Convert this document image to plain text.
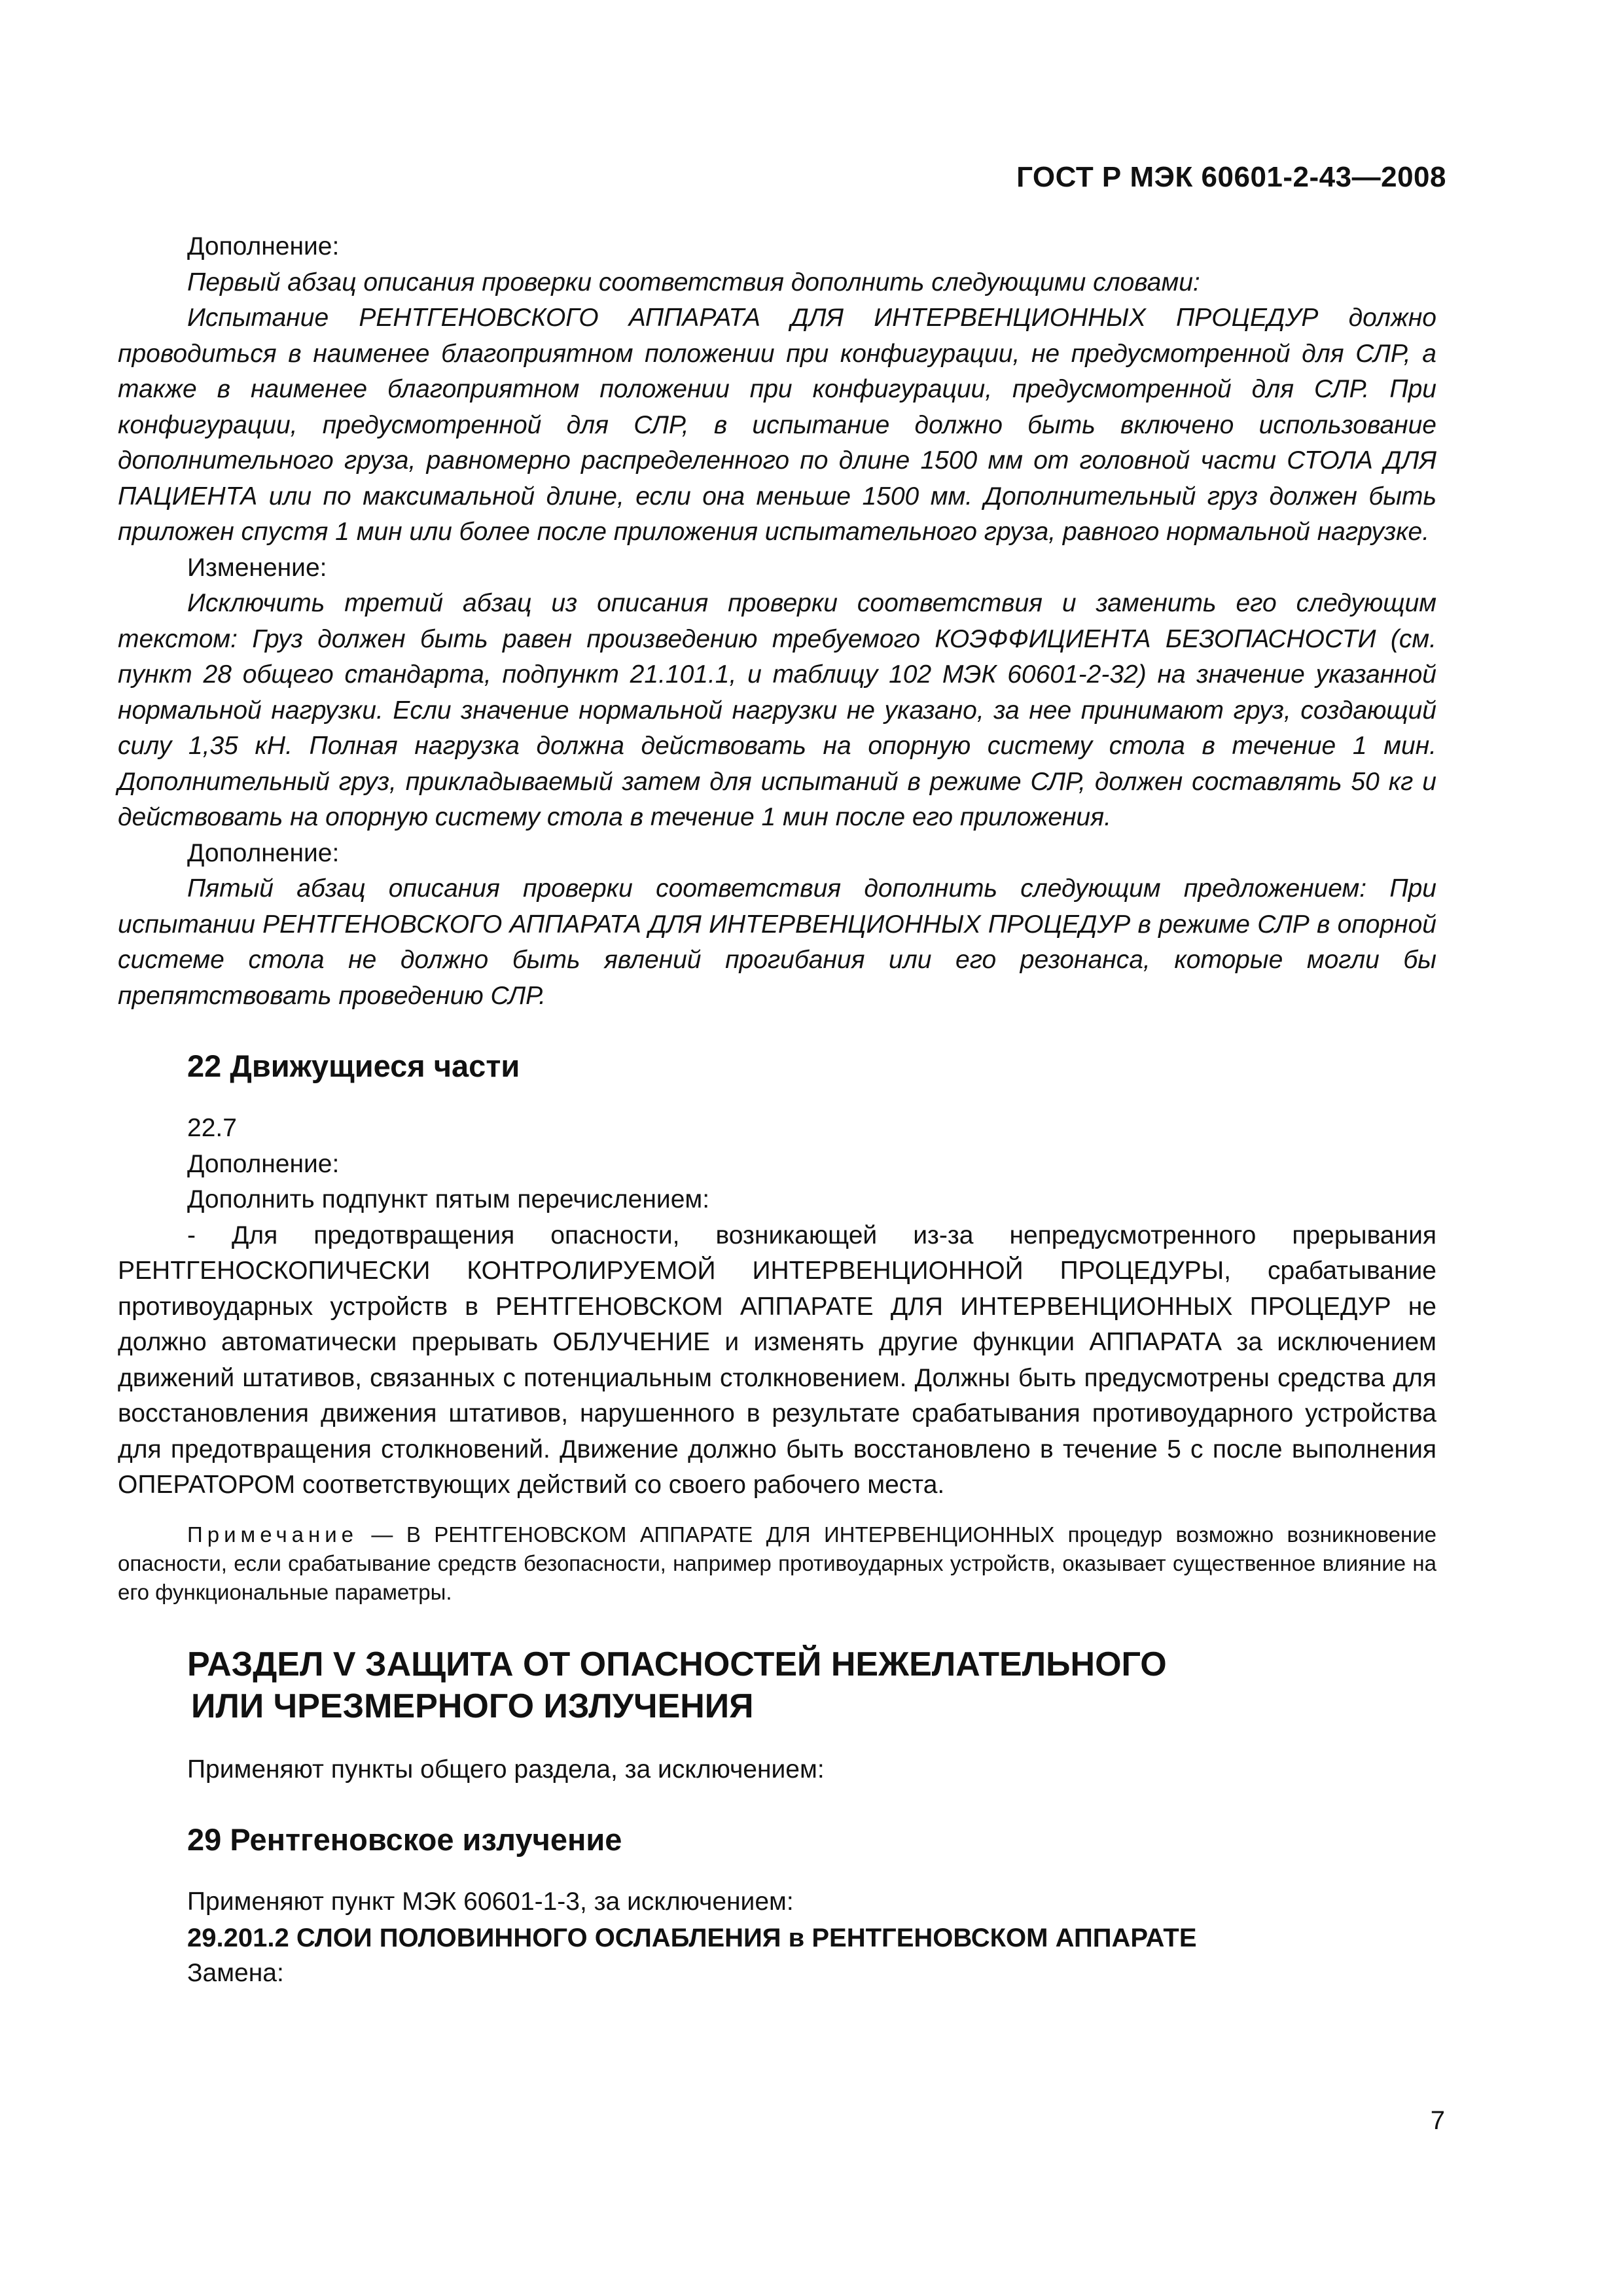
ГОСТ Р МЭК 60601-2-43—2008

Дополнение:

Первый абзац описания проверки соответствия дополнить следующими словами:

Испытание РЕНТГЕНОВСКОГО АППАРАТА ДЛЯ ИНТЕРВЕНЦИОННЫХ ПРОЦЕДУР должно проводиться в наименее благоприятном положении при конфигурации, не предусмотренной для СЛР, а также в наименее благоприятном положении при конфигурации, предусмотренной для СЛР. При конфигурации, предусмотренной для СЛР, в испытание должно быть включено использование дополнительного груза, равномерно распределенного по длине 1500 мм от головной части СТОЛА ДЛЯ ПАЦИЕНТА или по максимальной длине, если она меньше 1500 мм. Дополнительный груз должен быть приложен спустя 1 мин или более после приложения испытательного груза, равного нормальной нагрузке.

Изменение:

Исключить третий абзац из описания проверки соответствия и заменить его следующим текстом: Груз должен быть равен произведению требуемого КОЭФФИЦИЕНТА БЕЗОПАСНОСТИ (см. пункт 28 общего стандарта, подпункт 21.101.1, и таблицу 102 МЭК 60601-2-32) на значение указанной нормальной нагрузки. Если значение нормальной нагрузки не указано, за нее принимают груз, создающий силу 1,35 кН. Полная нагрузка должна действовать на опорную систему стола в течение 1 мин. Дополнительный груз, прикладываемый затем для испытаний в режиме СЛР, должен составлять 50 кг и действовать на опорную систему стола в течение 1 мин после его приложения.

Дополнение:

Пятый абзац описания проверки соответствия дополнить следующим предложением: При испытании РЕНТГЕНОВСКОГО АППАРАТА ДЛЯ ИНТЕРВЕНЦИОННЫХ ПРОЦЕДУР в режиме СЛР в опорной системе стола не должно быть явлений прогибания или его резонанса, которые могли бы препятствовать проведению СЛР.

22 Движущиеся части

22.7

Дополнение:

Дополнить подпункт пятым перечислением:

- Для предотвращения опасности, возникающей из-за непредусмотренного прерывания РЕНТГЕНОСКОПИЧЕСКИ КОНТРОЛИРУЕМОЙ ИНТЕРВЕНЦИОННОЙ ПРОЦЕДУРЫ, срабатывание противоударных устройств в РЕНТГЕНОВСКОМ АППАРАТЕ ДЛЯ ИНТЕРВЕНЦИОННЫХ ПРОЦЕДУР не должно автоматически прерывать ОБЛУЧЕНИЕ и изменять другие функции АППАРАТА за исключением движений штативов, связанных с потенциальным столкновением. Должны быть предусмотрены средства для восстановления движения штативов, нарушенного в результате срабатывания противоударного устройства для предотвращения столкновений. Движение должно быть восстановлено в течение 5 с после выполнения ОПЕРАТОРОМ соответствующих действий со своего рабочего места.

Примечание — В РЕНТГЕНОВСКОМ АППАРАТЕ ДЛЯ ИНТЕРВЕНЦИОННЫХ процедур возможно возникновение опасности, если срабатывание средств безопасности, например противоударных устройств, оказывает существенное влияние на его функциональные параметры.

РАЗДЕЛ V ЗАЩИТА ОТ ОПАСНОСТЕЙ НЕЖЕЛАТЕЛЬНОГО
ИЛИ ЧРЕЗМЕРНОГО ИЗЛУЧЕНИЯ

Применяют пункты общего раздела, за исключением:

29 Рентгеновское излучение

Применяют пункт МЭК 60601-1-3, за исключением:

29.201.2 СЛОИ ПОЛОВИННОГО ОСЛАБЛЕНИЯ в РЕНТГЕНОВСКОМ АППАРАТЕ

Замена:

7
